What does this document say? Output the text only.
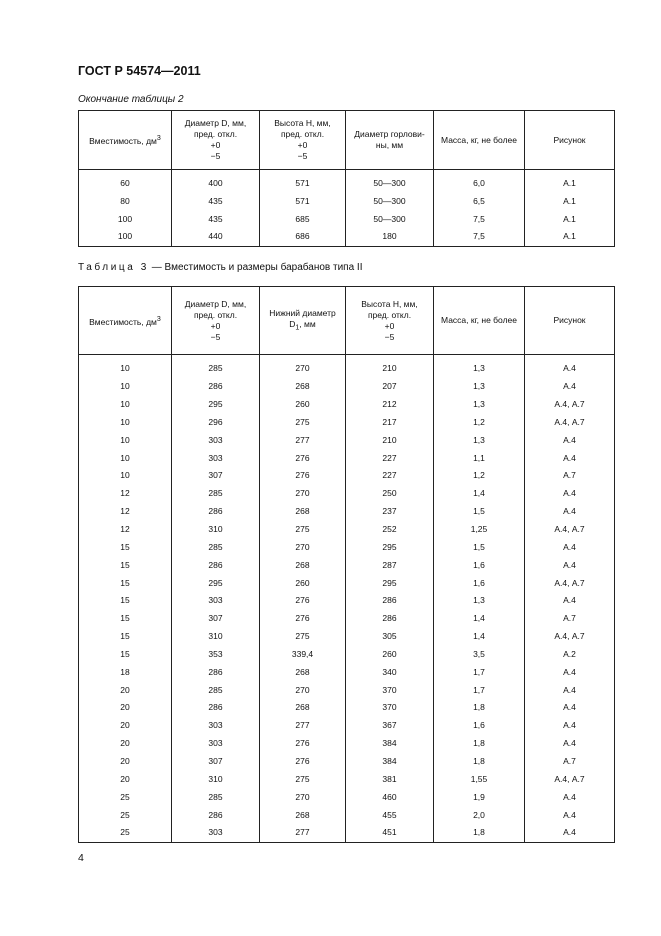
ГОСТ Р 54574—2011
Окончание таблицы 2
Вместимость, $дм^3$	Диаметр D, мм,
пред. откл.
+0
−5	Высота H, мм,
пред. откл.
+0
−5	Диаметр горлови-
ны, мм	Масса, кг, не более	Рисунок
60	400	571	50—300	6,0	А.1
80	435	571	50—300	6,5	А.1
100	435	685	50—300	7,5	А.1
100	440	686	180	7,5	А.1
Таблица 3 — Вместимость и размеры барабанов типа II
Вместимость, $дм^3$	Диаметр D, мм,
пред. откл.
+0
−5	Нижний диаметр
$D_1$, мм	Высота H, мм,
пред. откл.
+0
−5	Масса, кг, не более	Рисунок
10	285	270	210	1,3	А.4
10	286	268	207	1,3	А.4
10	295	260	212	1,3	А.4, А.7
10	296	275	217	1,2	А.4, А.7
10	303	277	210	1,3	А.4
10	303	276	227	1,1	А.4
10	307	276	227	1,2	А.7
12	285	270	250	1,4	А.4
12	286	268	237	1,5	А.4
12	310	275	252	1,25	А.4, А.7
15	285	270	295	1,5	А.4
15	286	268	287	1,6	А.4
15	295	260	295	1,6	А.4, А.7
15	303	276	286	1,3	А.4
15	307	276	286	1,4	А.7
15	310	275	305	1,4	А.4, А.7
15	353	339,4	260	3,5	А.2
18	286	268	340	1,7	А.4
20	285	270	370	1,7	А.4
20	286	268	370	1,8	А.4
20	303	277	367	1,6	А.4
20	303	276	384	1,8	А.4
20	307	276	384	1,8	А.7
20	310	275	381	1,55	А.4, А.7
25	285	270	460	1,9	А.4
25	286	268	455	2,0	А.4
25	303	277	451	1,8	А.4
4
